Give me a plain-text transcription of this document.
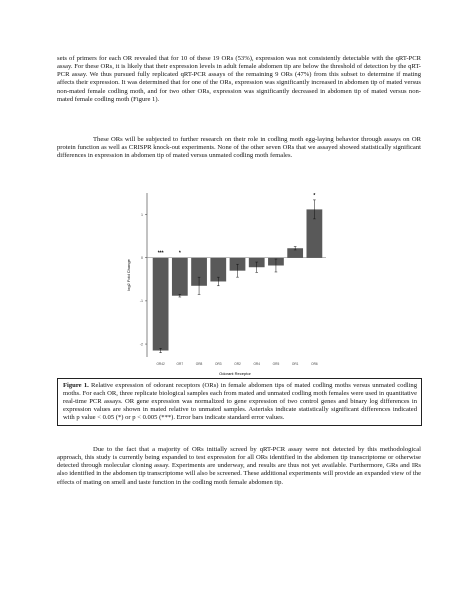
sets of primers for each OR revealed that for 10 of these 19 ORs (53%), expression was not consistently detectable with the qRT-PCR assay. For these ORs, it is likely that their expression levels in adult female abdomen tip are below the threshold of detection by the qRT-PCR assay. We thus pursued fully replicated qRT-PCR assays of the remaining 9 ORs (47%) from this subset to determine if mating affects their expression. It was determined that for one of the ORs, expression was significantly increased in abdomen tip of mated versus non-mated female codling moth, and for two other ORs, expression was significantly decreased in abdomen tip of mated versus non-mated female codling moth (Figure 1).

These ORs will be subjected to further research on their role in codling moth egg-laying behavior through assays on OR protein function as well as CRISPR knock-out experiments. None of the other seven ORs that we assayed showed statistically significant differences in expression in abdomen tip of mated versus unmated codling moth females.

log2 Fold Change
Odorant Receptor
-2
-1
0
1
***
OR42
*
OR7	OR8	OR3	OR2	OR4	OR5	OR1
*
OR6
Figure 1. Relative expression of odorant receptors (ORs) in female abdomen tips of mated codling moths versus unmated codling moths. For each OR, three replicate biological samples each from mated and unmated codling moth females were used in quantitative real-time PCR assays. OR gene expression was normalized to gene expression of two control genes and binary log differences in expression values are shown in mated relative to unmated samples. Asterisks indicate statistically significant differences indicated with p value < 0.05 (*) or p < 0.005 (***). Error bars indicate standard error values.

Due to the fact that a majority of ORs initially screed by qRT-PCR assay were not detected by this methodological approach, this study is currently being expanded to test expression for all ORs identified in the abdomen tip transcriptome or otherwise detected through molecular cloning assay. Experiments are underway, and results are thus not yet available. Furthermore, GRs and IRs also identified in the abdomen tip transcriptome will also be screened. These additional experiments will provide an expanded view of the effects of mating on smell and taste function in the codling moth female abdomen tip.
